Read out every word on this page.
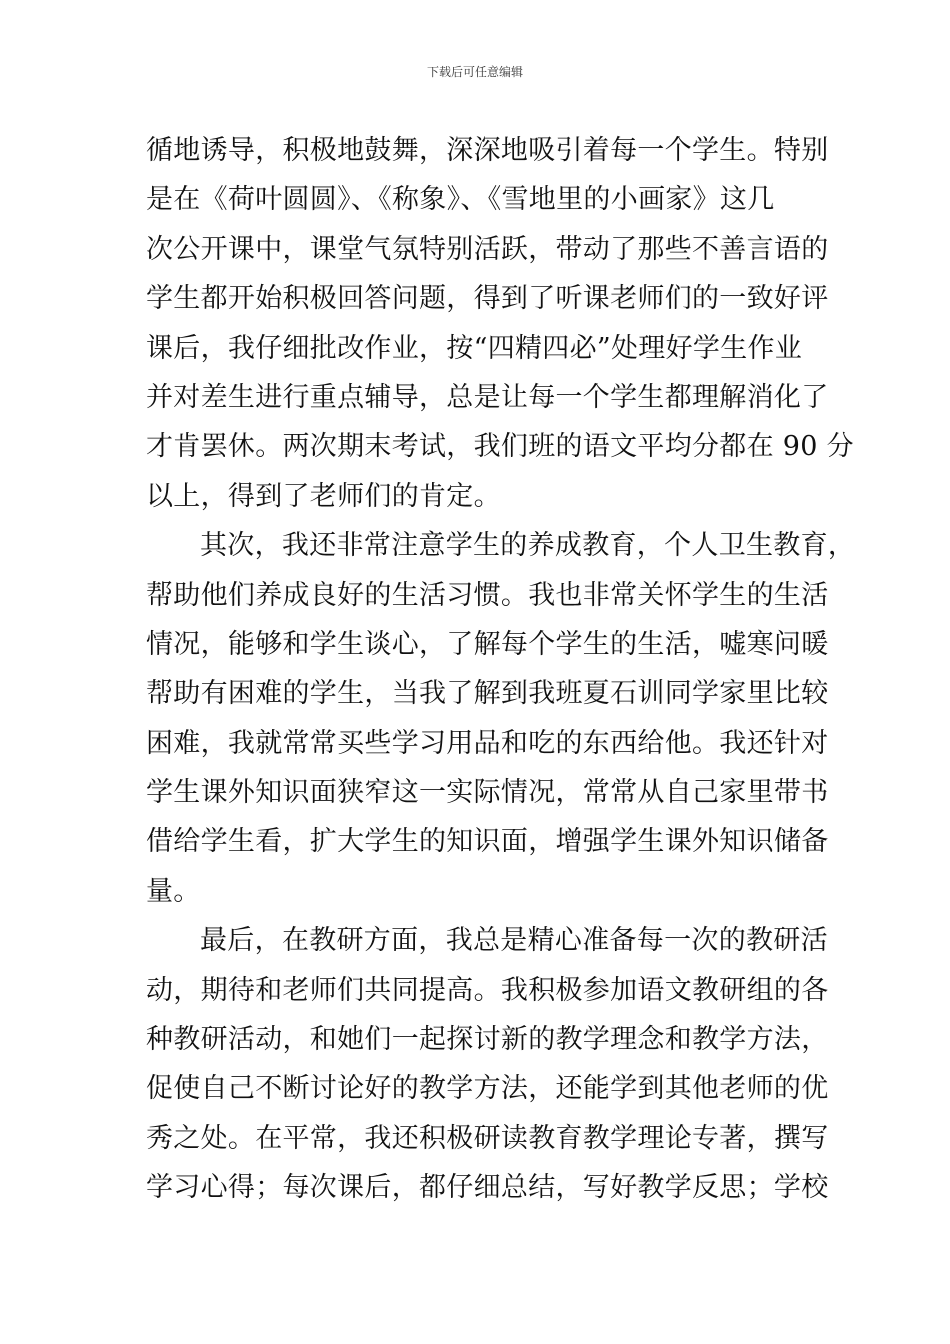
下载后可任意编辑
循地诱导，积极地鼓舞，深深地吸引着每一个学生。特别
是在《荷叶圆圆》、《称象》、《雪地里的小画家》这几
次公开课中，课堂气氛特别活跃，带动了那些不善言语的
学生都开始积极回答问题，得到了听课老师们的一致好评
课后，我仔细批改作业，按“四精四必”处理好学生作业
并对差生进行重点辅导，总是让每一个学生都理解消化了
才肯罢休。两次期末考试，我们班的语文平均分都在 90 分
以上，得到了老师们的肯定。
其次，我还非常注意学生的养成教育，个人卫生教育，
帮助他们养成良好的生活习惯。我也非常关怀学生的生活
情况，能够和学生谈心，了解每个学生的生活，嘘寒问暖
帮助有困难的学生，当我了解到我班夏石训同学家里比较
困难，我就常常买些学习用品和吃的东西给他。我还针对
学生课外知识面狭窄这一实际情况，常常从自己家里带书
借给学生看，扩大学生的知识面，增强学生课外知识储备
量。
最后，在教研方面，我总是精心准备每一次的教研活
动，期待和老师们共同提高。我积极参加语文教研组的各
种教研活动，和她们一起探讨新的教学理念和教学方法，
促使自己不断讨论好的教学方法，还能学到其他老师的优
秀之处。在平常，我还积极研读教育教学理论专著，撰写
学习心得；每次课后，都仔细总结，写好教学反思；学校
